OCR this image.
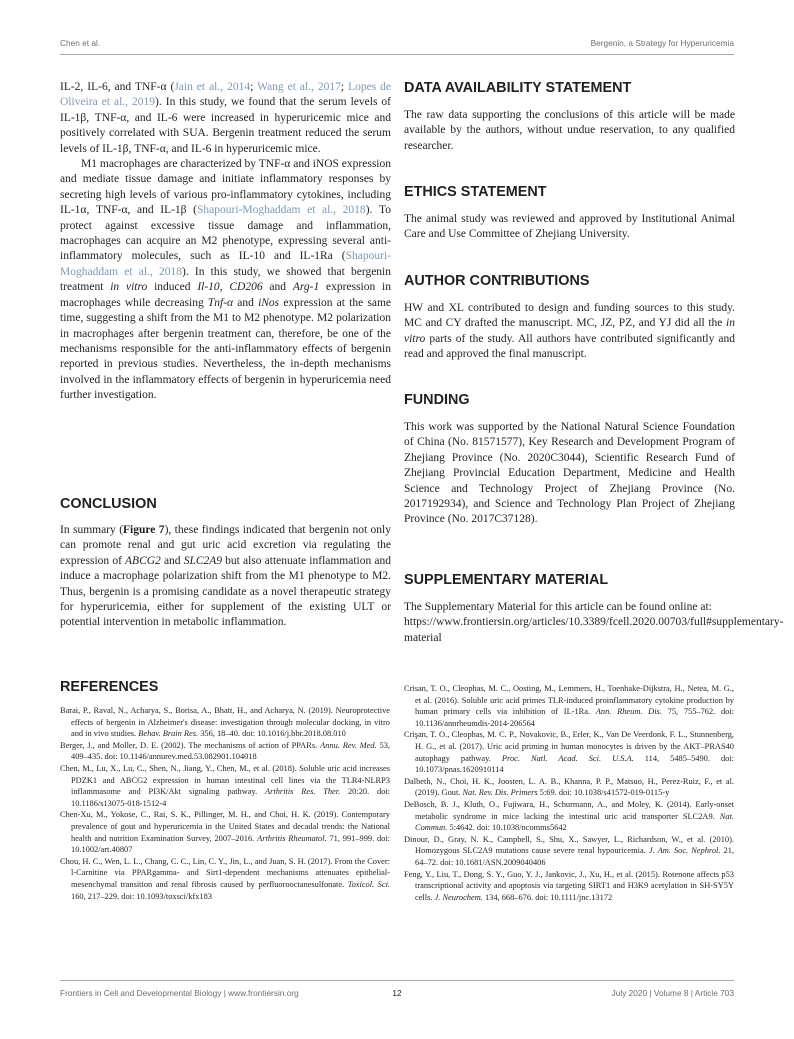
Chen et al.	Bergenin, a Strategy for Hyperuricemia

IL-2, IL-6, and TNF-α (Jain et al., 2014; Wang et al., 2017; Lopes de Oliveira et al., 2019). In this study, we found that the serum levels of IL-1β, TNF-α, and IL-6 were increased in hyperuricemic mice and positively correlated with SUA. Bergenin treatment reduced the serum levels of IL-1β, TNF-α, and IL-6 in hyperuricemic mice.

M1 macrophages are characterized by TNF-α and iNOS expression and mediate tissue damage and initiate inflammatory responses by secreting high levels of various pro-inflammatory cytokines, including IL-1α, TNF-α, and IL-1β (Shapouri-Moghaddam et al., 2018). To protect against excessive tissue damage and inflammation, macrophages can acquire an M2 phenotype, expressing several anti-inflammatory molecules, such as IL-10 and IL-1Ra (Shapouri-Moghaddam et al., 2018). In this study, we showed that bergenin treatment in vitro induced Il-10, CD206 and Arg-1 expression in macrophages while decreasing Tnf-α and iNos expression at the same time, suggesting a shift from the M1 to M2 phenotype. M2 polarization in macrophages after bergenin treatment can, therefore, be one of the mechanisms responsible for the anti-inflammatory effects of bergenin reported in previous studies. Nevertheless, the in-depth mechanisms involved in the inflammatory effects of bergenin in hyperuricemia need further investigation.

CONCLUSION

In summary (Figure 7), these findings indicated that bergenin not only can promote renal and gut uric acid excretion via regulating the expression of ABCG2 and SLC2A9 but also attenuate inflammation and induce a macrophage polarization shift from the M1 phenotype to M2. Thus, bergenin is a promising candidate as a novel therapeutic strategy for hyperuricemia, either for supplement of the existing ULT or potential intervention in metabolic inflammation.

DATA AVAILABILITY STATEMENT

The raw data supporting the conclusions of this article will be made available by the authors, without undue reservation, to any qualified researcher.

ETHICS STATEMENT

The animal study was reviewed and approved by Institutional Animal Care and Use Committee of Zhejiang University.

AUTHOR CONTRIBUTIONS

HW and XL contributed to design and funding sources to this study. MC and CY drafted the manuscript. MC, JZ, PZ, and YJ did all the in vitro parts of the study. All authors have contributed significantly and read and approved the final manuscript.

FUNDING

This work was supported by the National Natural Science Foundation of China (No. 81571577), Key Research and Development Program of Zhejiang Province (No. 2020C3044), Scientific Research Fund of Zhejiang Provincial Education Department, Medicine and Health Science and Technology Project of Zhejiang Province (No. 2017192934), and Science and Technology Plan Project of Zhejiang Province (No. 2017C37128).

SUPPLEMENTARY MATERIAL

The Supplementary Material for this article can be found online at: https://www.frontiersin.org/articles/10.3389/fcell.2020.00703/full#supplementary-material

REFERENCES

Barai, P., Raval, N., Acharya, S., Borisa, A., Bhatt, H., and Acharya, N. (2019). Neuroprotective effects of bergenin in Alzheimer's disease: investigation through molecular docking, in vitro and in vivo studies. Behav. Brain Res. 356, 18–40. doi: 10.1016/j.bbr.2018.08.010

Berger, J., and Moller, D. E. (2002). The mechanisms of action of PPARs. Annu. Rev. Med. 53, 409–435. doi: 10.1146/annurev.med.53.082901.104018

Chen, M., Lu, X., Lu, C., Shen, N., Jiang, Y., Chen, M., et al. (2018). Soluble uric acid increases PDZK1 and ABCG2 expression in human intestinal cell lines via the TLR4-NLRP3 inflammasome and PI3K/Akt signaling pathway. Arthritis Res. Ther. 20:20. doi: 10.1186/s13075-018-1512-4

Chen-Xu, M., Yokose, C., Rai, S. K., Pillinger, M. H., and Choi, H. K. (2019). Contemporary prevalence of gout and hyperuricemia in the United States and decadal trends: the National health and nutrition Examination Survey, 2007–2016. Arthritis Rheumatol. 71, 991–999. doi: 10.1002/art.40807

Chou, H. C., Wen, L. L., Chang, C. C., Lin, C. Y., Jin, L., and Juan, S. H. (2017). From the Cover: l-Carnitine via PPARgamma- and Sirt1-dependent mechanisms attenuates epithelial-mesenchymal transition and renal fibrosis caused by perfluorooctanesulfonate. Toxicol. Sci. 160, 217–229. doi: 10.1093/toxsci/kfx183

Crisan, T. O., Cleophas, M. C., Oosting, M., Lemmers, H., Toenhake-Dijkstra, H., Netea, M. G., et al. (2016). Soluble uric acid primes TLR-induced proinflammatory cytokine production by human primary cells via inhibition of IL-1Ra. Ann. Rheum. Dis. 75, 755–762. doi: 10.1136/annrheumdis-2014-206564

Crişan, T. O., Cleophas, M. C. P., Novakovic, B., Erler, K., Van De Veerdonk, F. L., Stunnenberg, H. G., et al. (2017). Uric acid priming in human monocytes is driven by the AKT–PRAS40 autophagy pathway. Proc. Natl. Acad. Sci. U.S.A. 114, 5485–5490. doi: 10.1073/pnas.1620910114

Dalbeth, N., Choi, H. K., Joosten, L. A. B., Khanna, P. P., Matsuo, H., Perez-Ruiz, F., et al. (2019). Gout. Nat. Rev. Dis. Primers 5:69. doi: 10.1038/s41572-019-0115-y

DeBosch, B. J., Kluth, O., Fujiwara, H., Schurmann, A., and Moley, K. (2014). Early-onset metabolic syndrome in mice lacking the intestinal uric acid transporter SLC2A9. Nat. Commun. 5:4642. doi: 10.1038/ncomms5642

Dinour, D., Gray, N. K., Campbell, S., Shu, X., Sawyer, L., Richardson, W., et al. (2010). Homozygous SLC2A9 mutations cause severe renal hypouricemia. J. Am. Soc. Nephrol. 21, 64–72. doi: 10.1681/ASN.2009040406

Feng, Y., Liu, T., Dong, S. Y., Guo, Y. J., Jankovic, J., Xu, H., et al. (2015). Rotenone affects p53 transcriptional activity and apoptosis via targeting SIRT1 and H3K9 acetylation in SH-SY5Y cells. J. Neurochem. 134, 668–676. doi: 10.1111/jnc.13172

Frontiers in Cell and Developmental Biology | www.frontiersin.org	12	July 2020 | Volume 8 | Article 703
